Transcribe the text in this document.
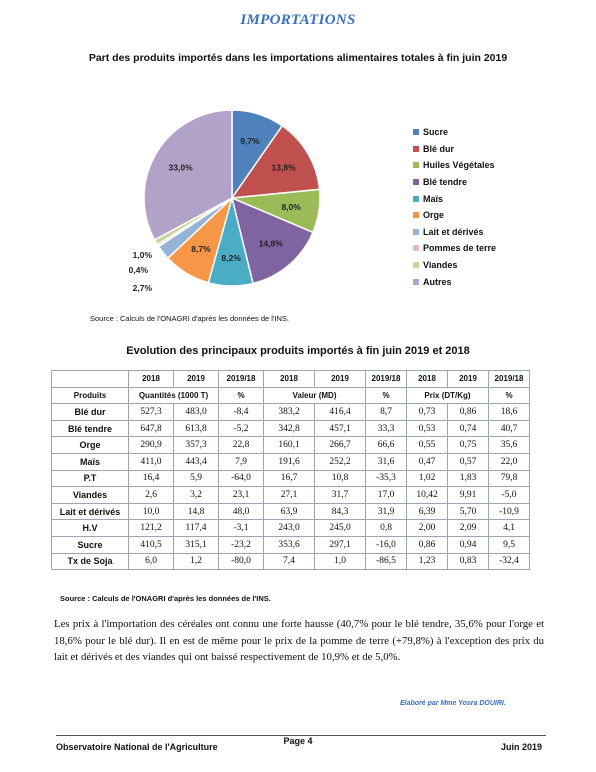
IMPORTATIONS
Part des produits importés dans les importations alimentaires totales à fin juin 2019
9,7%
13,8%
8,0%
14,8%
8,2%
8,7%
2,7%
0,4%
1,0%
33,0%
Sucre
Blé dur
Huiles Végétales
Blé tendre
Maïs
Orge
Lait et dérivés
Pommes de terre
Viandes
Autres
Source : Calculs de l'ONAGRI d'après les données de l'INS.
Evolution des principaux produits importés à fin juin 2019 et 2018
	2018	2019	2019/18	2018	2019	2019/18	2018	2019	2019/18
Produits	Quantités (1000 T)		%	Valeur (MD)		%	Prix (DT/Kg)		%
Blé dur	527,3	483,0	-8,4	383,2	416,4	8,7	0,73	0,86	18,6
Blé tendre	647,8	613,8	-5,2	342,8	457,1	33,3	0,53	0,74	40,7
Orge	290,9	357,3	22,8	160,1	266,7	66,6	0,55	0,75	35,6
Maïs	411,0	443,4	7,9	191,6	252,2	31,6	0,47	0,57	22,0
P.T	16,4	5,9	-64,0	16,7	10,8	-35,3	1,02	1,83	79,8
Viandes	2,6	3,2	23,1	27,1	31,7	17,0	10,42	9,91	-5,0
Lait et dérivés	10,0	14,8	48,0	63,9	84,3	31,9	6,39	5,70	-10,9
H.V	121,2	117,4	-3,1	243,0	245,0	0,8	2,00	2,09	4,1
Sucre	410,5	315,1	-23,2	353,6	297,1	-16,0	0,86	0,94	9,5
Tx de Soja	6,0	1,2	-80,0	7,4	1,0	-86,5	1,23	0,83	-32,4
Source : Calculs de l'ONAGRI d'après les données de l'INS.
Les prix à l'importation des céréales ont connu une forte hausse (40,7% pour le blé tendre, 35,6% pour l'orge et 18,6% pour le blé dur). Il en est de même pour le prix de la pomme de terre (+79,8%) à l'exception des prix du lait et dérivés et des viandes qui ont baissé respectivement de 10,9% et de 5,0%.
Elaboré par Mme Yosra DOUIRI.
Page 4
Observatoire National de l'Agriculture	Juin 2019
